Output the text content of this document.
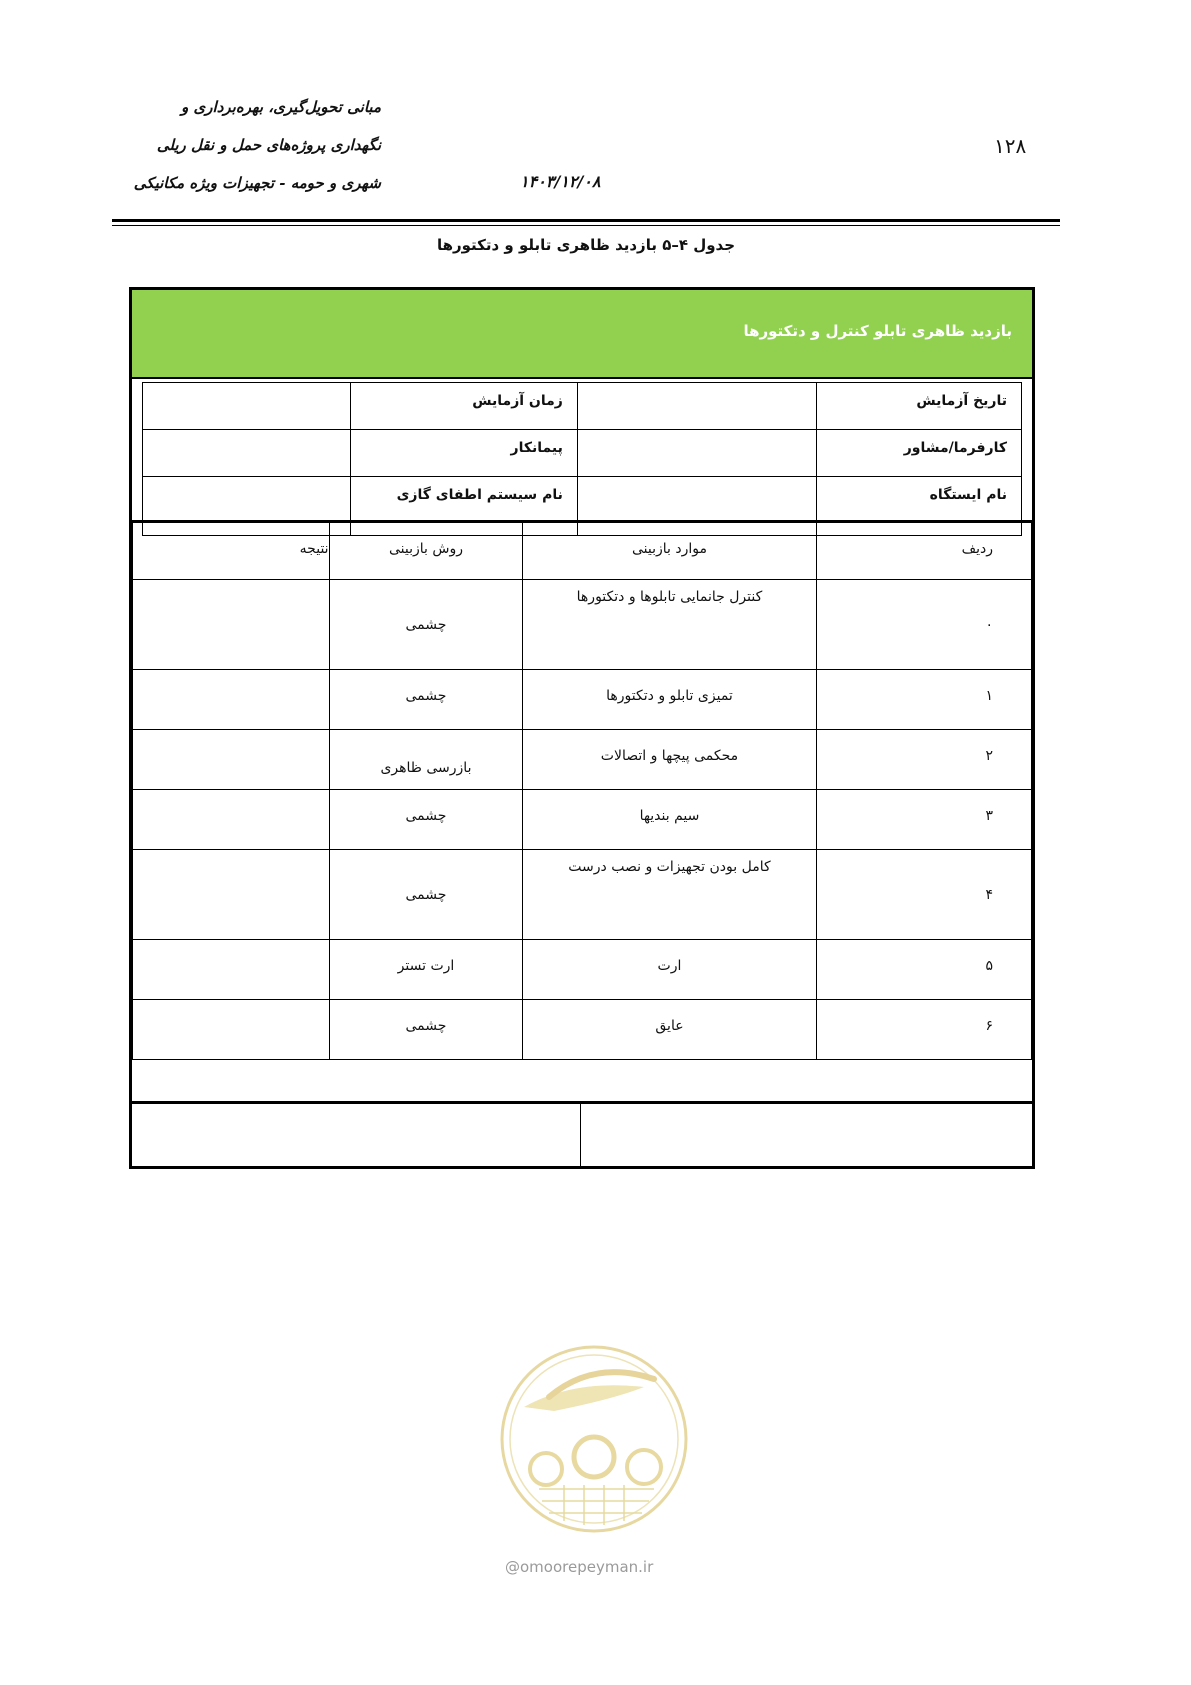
مبانی تحویل‌گیری، بهره‌برداری و
نگهداری پروژه‌های حمل و نقل ریلی
شهری و حومه - تجهیزات ویژه مکانیکی	۱۴۰۳/۱۲/۰۸
۱۲۸
جدول ۴–۵ بازدید ظاهری تابلو و دتکتورها
بازدید ظاهری تابلو کنترل و دتکتورها
تاریخ آزمایش		زمان آزمایش	
کارفرما/مشاور		پیمانکار	
نام ایستگاه		نام سیستم اطفای گازی	
ردیف	موارد بازبینی	روش بازبینی	نتیجه
۰	کنترل جانمایی تابلوها و دتکتورها	چشمی	
۱	تمیزی تابلو و دتکتورها	چشمی	
۲	محکمی پیچها و اتصالات	بازرسی ظاهری	
۳	سیم بندیها	چشمی	
۴	کامل بودن تجهیزات و نصب درست	چشمی	
۵	ارت	ارت تستر	
۶	عایق	چشمی	
@omoorepeyman.ir
